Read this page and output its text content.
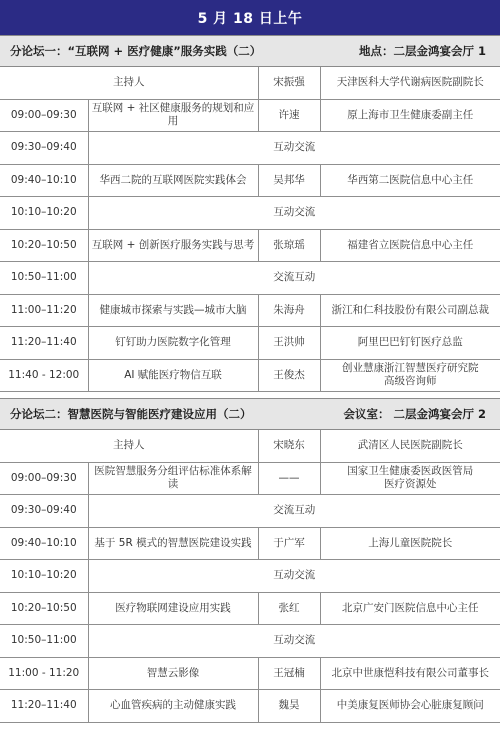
5 月 18 日上午
分论坛一：“互联网 + 医疗健康”服务实践（二）	地点：二层金鸿宴会厅 1
主持人		宋振强	天津医科大学代谢病医院副院长
09:00–09:30	互联网 + 社区健康服务的规划和应用	许速	原上海市卫生健康委副主任
09:30–09:40	互动交流		
09:40–10:10	华西二院的互联网医院实践体会	吴邦华	华西第二医院信息中心主任
10:10–10:20	互动交流		
10:20–10:50	互联网 + 创新医疗服务实践与思考	张琼瑶	福建省立医院信息中心主任
10:50–11:00	交流互动		
11:00–11:20	健康城市探索与实践—城市大脑	朱海舟	浙江和仁科技股份有限公司副总裁
11:20–11:40	钉钉助力医院数字化管理	王洪帅	阿里巴巴钉钉医疗总监
11:40 - 12:00	AI 赋能医疗物信互联	王俊杰	创业慧康浙江智慧医疗研究院
高级咨询师
分论坛二：智慧医院与智能医疗建设应用（二）	会议室： 二层金鸿宴会厅 2
主持人		宋晓东	武清区人民医院副院长
09:00–09:30	医院智慧服务分组评估标准体系解读	——	国家卫生健康委医政医管局
医疗资源处
09:30–09:40	交流互动		
09:40–10:10	基于 5R 模式的智慧医院建设实践	于广军	上海儿童医院院长
10:10–10:20	互动交流		
10:20–10:50	医疗物联网建设应用实践	张红	北京广安门医院信息中心主任
10:50–11:00	互动交流		
11:00 - 11:20	智慧云影像	王冠楠	北京中世康恺科技有限公司董事长
11:20–11:40	心血管疾病的主动健康实践	魏昊	中美康复医师协会心脏康复顾问
